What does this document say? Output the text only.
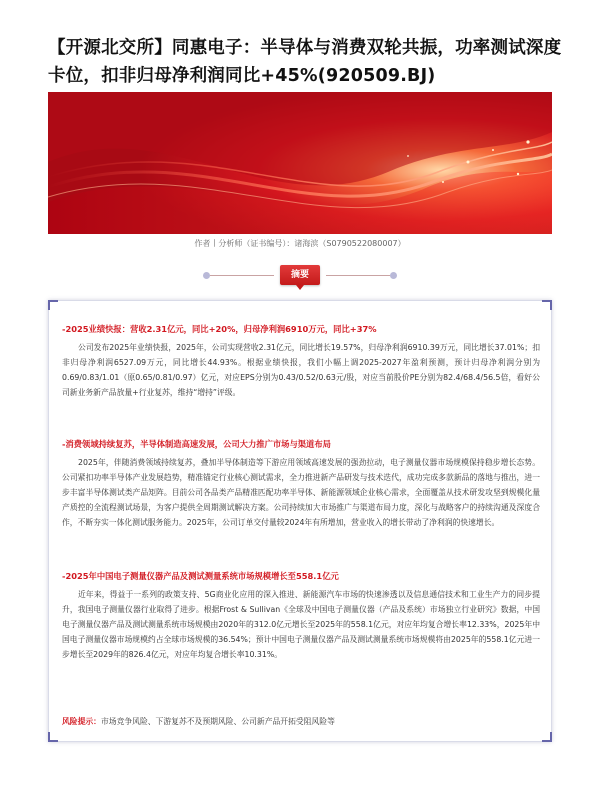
【开源北交所】同惠电子：半导体与消费双轮共振，功率测试深度卡位，扣非归母净利润同比+45%(920509.BJ)
作者丨分析师（证书编号）：诸海滨（S0790522080007）
摘要
-2025业绩快报：营收2.31亿元，同比+20%，归母净利润6910万元，同比+37%
公司发布2025年业绩快报，2025年，公司实现营收2.31亿元，同比增长19.57%，归母净利润6910.39万元，同比增长37.01%；扣非归母净利润6527.09万元，同比增长44.93%。根据业绩快报，我们小幅上调2025-2027年盈利预测，预计归母净利润分别为0.69/0.83/1.01（原0.65/0.81/0.97）亿元，对应EPS分别为0.43/0.52/0.63元/股，对应当前股价PE分别为82.4/68.4/56.5倍，看好公司新业务新产品放量+行业复苏，维持“增持”评级。
-消费领域持续复苏，半导体制造高速发展，公司大力推广市场与渠道布局
2025年，伴随消费领域持续复苏，叠加半导体制造等下游应用领域高速发展的强劲拉动，电子测量仪器市场规模保持稳步增长态势。公司紧扣功率半导体产业发展趋势，精准锚定行业核心测试需求，全力推进新产品研发与技术迭代，成功完成多款新品的落地与推出，进一步丰富半导体测试类产品矩阵。目前公司各品类产品精准匹配功率半导体、新能源领域企业核心需求，全面覆盖从技术研发攻坚到规模化量产质控的全流程测试场景，为客户提供全周期测试解决方案。公司持续加大市场推广与渠道布局力度，深化与战略客户的持续沟通及深度合作，不断夯实一体化测试服务能力。2025年，公司订单交付量较2024年有所增加，营业收入的增长带动了净利润的快速增长。
-2025年中国电子测量仪器产品及测试测量系统市场规模增长至558.1亿元
近年来，得益于一系列的政策支持、5G商业化应用的深入推进、新能源汽车市场的快速渗透以及信息通信技术和工业生产力的同步提升，我国电子测量仪器行业取得了进步。根据Frost & Sullivan《全球及中国电子测量仪器（产品及系统）市场独立行业研究》数据，中国电子测量仪器产品及测试测量系统市场规模由2020年的312.0亿元增长至2025年的558.1亿元，对应年均复合增长率12.33%，2025年中国电子测量仪器市场规模约占全球市场规模的36.54%；预计中国电子测量仪器产品及测试测量系统市场规模将由2025年的558.1亿元进一步增长至2029年的826.4亿元，对应年均复合增长率10.31%。
风险提示：市场竞争风险、下游复苏不及预期风险、公司新产品开拓受阻风险等
